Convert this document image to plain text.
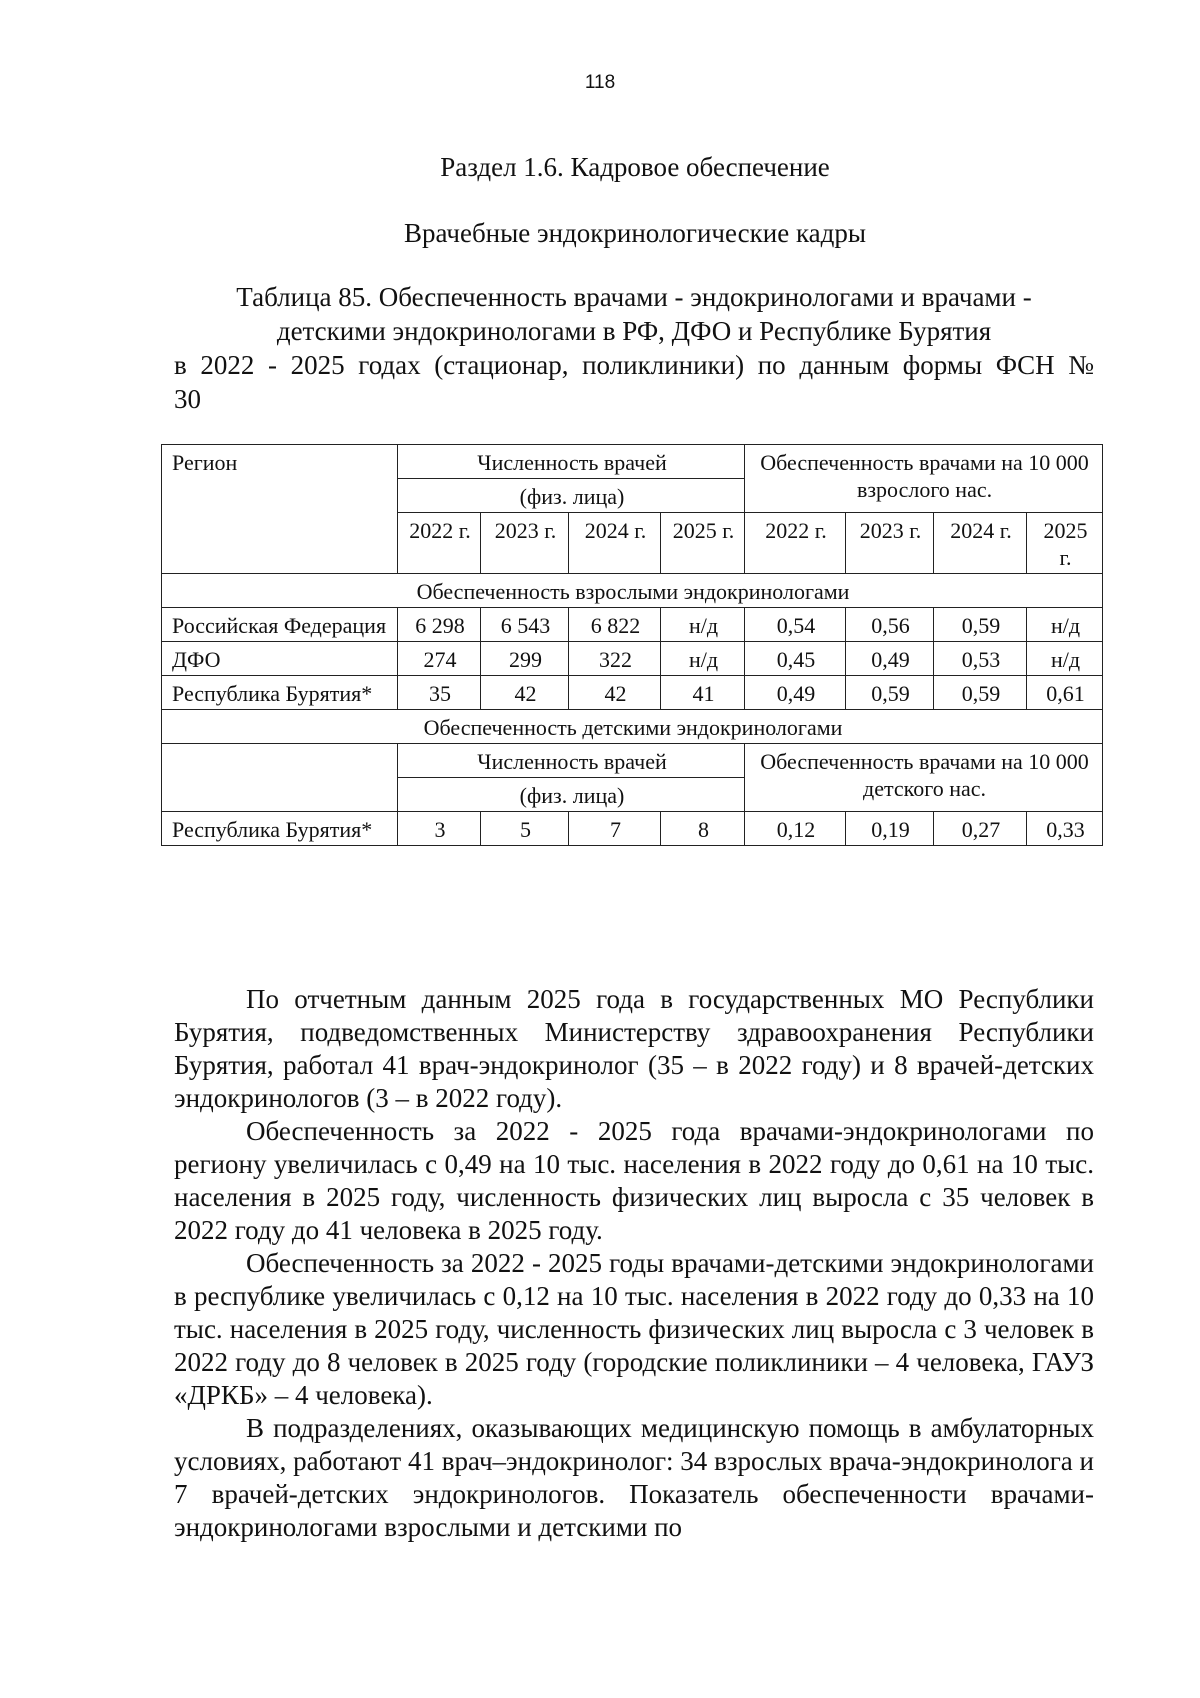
118
Раздел 1.6. Кадровое обеспечение
Врачебные эндокринологические кадры
Таблица 85. Обеспеченность врачами - эндокринологами и врачами -
детскими эндокринологами в РФ, ДФО и Республике Бурятия
в 2022 - 2025 годах (стационар, поликлиники) по данным формы ФСН №
30
Регион	Численность врачей				Обеспеченность врачами на 10 000 взрослого нас.			
	(физ. лица)							
	2022 г.	2023 г.	2024 г.	2025 г.	2022 г.	2023 г.	2024 г.	2025 г.
Обеспеченность взрослыми эндокринологами								
Российская Федерация	6 298	6 543	6 822	н/д	0,54	0,56	0,59	н/д
ДФО	274	299	322	н/д	0,45	0,49	0,53	н/д
Республика Бурятия*	35	42	42	41	0,49	0,59	0,59	0,61
Обеспеченность детскими эндокринологами								
	Численность врачей				Обеспеченность врачами на 10 000 детского нас.			
	(физ. лица)							
Республика Бурятия*	3	5	7	8	0,12	0,19	0,27	0,33

По отчетным данным 2025 года в государственных МО Республики Бурятия, подведомственных Министерству здравоохранения Республики Бурятия, работал 41 врач-эндокринолог (35 – в 2022 году) и 8 врачей-детских эндокринологов (3 – в 2022 году).

Обеспеченность за 2022 - 2025 года врачами-эндокринологами по региону увеличилась с 0,49 на 10 тыс. населения в 2022 году до 0,61 на 10 тыс. населения в 2025 году, численность физических лиц выросла с 35 человек в 2022 году до 41 человека в 2025 году.

Обеспеченность за 2022 - 2025 годы врачами-детскими эндокринологами в республике увеличилась с 0,12 на 10 тыс. населения в 2022 году до 0,33 на 10 тыс. населения в 2025 году, численность физических лиц выросла с 3 человек в 2022 году до 8 человек в 2025 году (городские поликлиники – 4 человека, ГАУЗ «ДРКБ» – 4 человека).

В подразделениях, оказывающих медицинскую помощь в амбулаторных условиях, работают 41 врач–эндокринолог: 34 взрослых врача-эндокринолога и 7 врачей-детских эндокринологов. Показатель обеспеченности врачами-эндокринологами взрослыми и детскими по
